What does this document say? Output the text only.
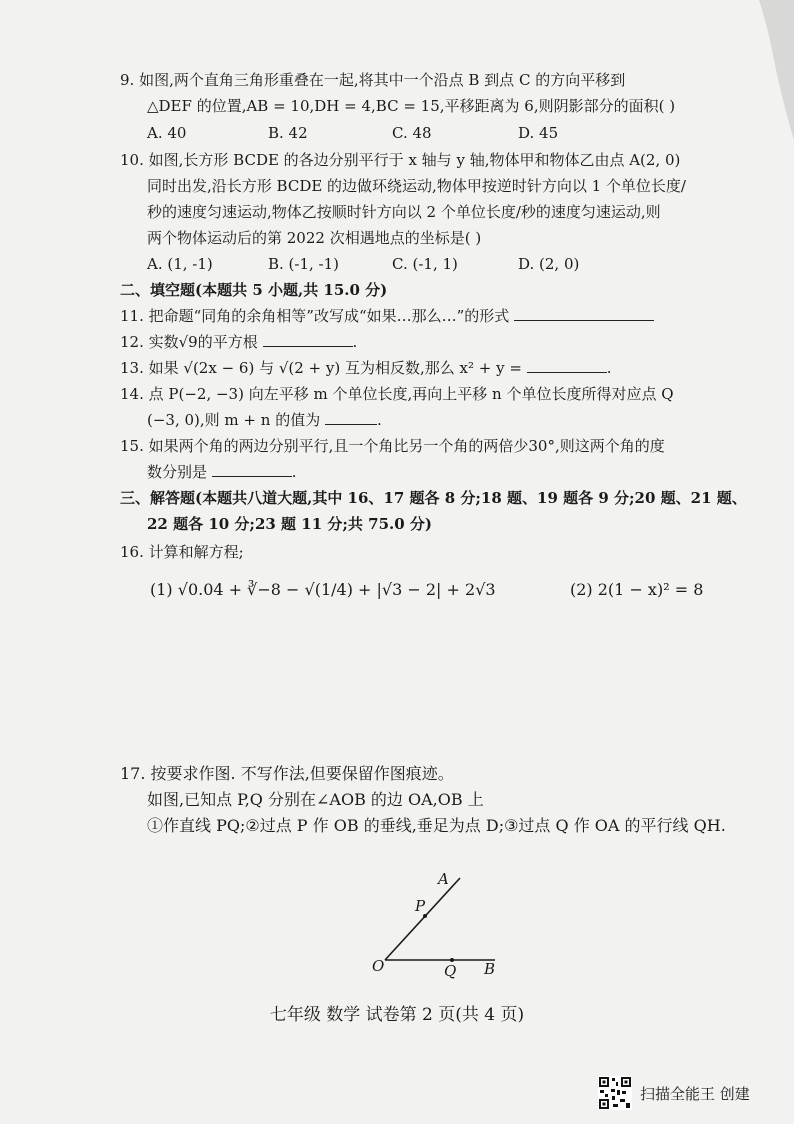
9. 如图,两个直角三角形重叠在一起,将其中一个沿点 B 到点 C 的方向平移到
△DEF 的位置,AB = 10,DH = 4,BC = 15,平移距离为 6,则阴影部分的面积( )
A. 40	B. 42	C. 48	D. 45
10. 如图,长方形 BCDE 的各边分别平行于 x 轴与 y 轴,物体甲和物体乙由点 A(2, 0)
同时出发,沿长方形 BCDE 的边做环绕运动,物体甲按逆时针方向以 1 个单位长度/
秒的速度匀速运动,物体乙按顺时针方向以 2 个单位长度/秒的速度匀速运动,则
两个物体运动后的第 2022 次相遇地点的坐标是( )
A. (1, -1)	B. (-1, -1)	C. (-1, 1)	D. (2, 0)
二、填空题(本题共 5 小题,共 15.0 分)
11. 把命题“同角的余角相等”改写成“如果…那么…”的形式
12. 实数√9的平方根	.
13. 如果 √(2x − 6) 与 √(2 + y) 互为相反数,那么 x² + y =	.
14. 点 P(−2, −3) 向左平移 m 个单位长度,再向上平移 n 个单位长度所得对应点 Q
(−3, 0),则 m + n 的值为	.
15. 如果两个角的两边分别平行,且一个角比另一个角的两倍少30°,则这两个角的度
数分别是	.
三、解答题(本题共八道大题,其中 16、17 题各 8 分;18 题、19 题各 9 分;20 题、21 题、
22 题各 10 分;23 题 11 分;共 75.0 分)
16. 计算和解方程;
(1) √0.04 + ∛−8 − √(1/4) + |√3 − 2| + 2√3	(2) 2(1 − x)² = 8
17. 按要求作图. 不写作法,但要保留作图痕迹。
如图,已知点 P,Q 分别在∠AOB 的边 OA,OB 上
①作直线 PQ;②过点 P 作 OB 的垂线,垂足为点 D;③过点 Q 作 OA 的平行线 QH.
A
P
O	Q B
七年级 数学 试卷第 2 页(共 4 页)
扫描全能王 创建
